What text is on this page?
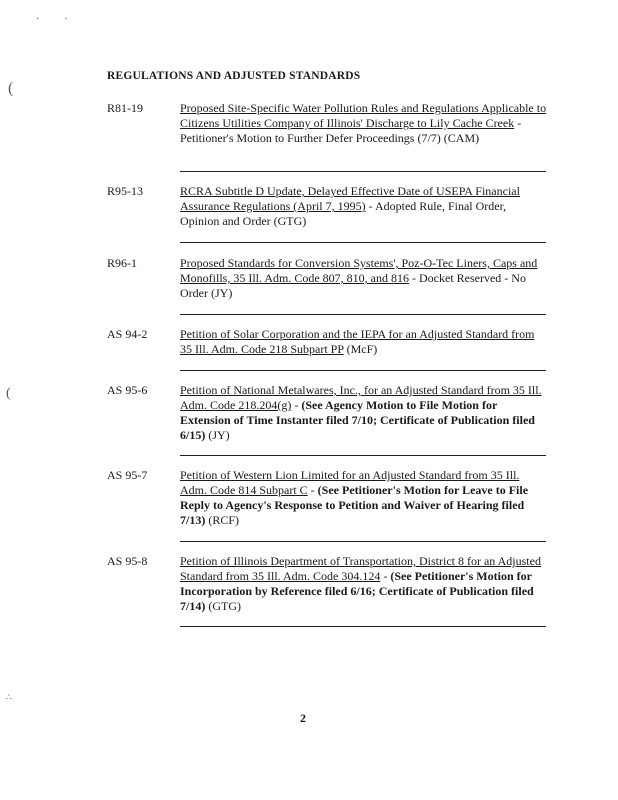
·          ·
(
(
∴
REGULATIONS AND ADJUSTED STANDARDS
R81-19	Proposed Site-Specific Water Pollution Rules and Regulations Applicable to Citizens Utilities Company of Illinois' Discharge to Lily Cache Creek - Petitioner's Motion to Further Defer Proceedings (7/7) (CAM)
R95-13	RCRA Subtitle D Update, Delayed Effective Date of USEPA Financial Assurance Regulations (April 7, 1995) - Adopted Rule, Final Order, Opinion and Order (GTG)
R96-1	Proposed Standards for Conversion Systems', Poz-O-Tec Liners, Caps and Monofills, 35 Ill. Adm. Code 807, 810, and 816 - Docket Reserved - No Order (JY)
AS 94-2	Petition of Solar Corporation and the IEPA for an Adjusted Standard from 35 Ill. Adm. Code 218 Subpart PP (McF)
AS 95-6	Petition of National Metalwares, Inc., for an Adjusted Standard from 35 Ill. Adm. Code 218.204(g) - (See Agency Motion to File Motion for Extension of Time Instanter filed 7/10; Certificate of Publication filed 6/15) (JY)
AS 95-7	Petition of Western Lion Limited for an Adjusted Standard from 35 Ill. Adm. Code 814 Subpart C - (See Petitioner's Motion for Leave to File Reply to Agency's Response to Petition and Waiver of Hearing filed 7/13) (RCF)
AS 95-8	Petition of Illinois Department of Transportation, District 8 for an Adjusted Standard from 35 Ill. Adm. Code 304.124 - (See Petitioner's Motion for Incorporation by Reference filed 6/16; Certificate of Publication filed 7/14) (GTG)
2
